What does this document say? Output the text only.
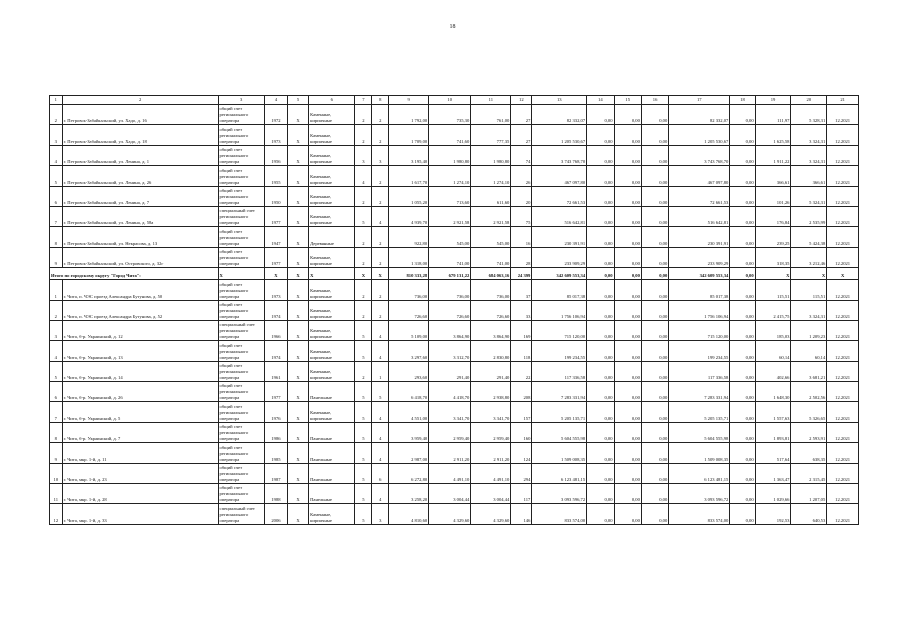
18
1	2	3	4	5	6	7	8	9	10	11	12	13	14	15	16	17	18	19	20	21
2	г. Петровск-Забайкальский, ул. Хадо, д. 16	общий счет регионального оператора	1972	Х	Каменные, кирпичные	2	2	1 792,00	735,30	761,00	27	82 332,07	0,00	0,00	0,00	82 332,07	0,00	111,97	5 328,31	12.2021
3	г. Петровск-Забайкальский, ул. Хадо, д. 18	общий счет регионального оператора	1973	Х	Каменные, кирпичные	2	2	1 709,00	741,60	777,35	27	1 205 530,67	0,00	0,00	0,00	1 205 530,67	0,00	1 625,58	3 324,31	12.2021
4	г. Петровск-Забайкальский, ул. Ленина, д. 1	общий счет регионального оператора	1956	Х	Каменные, кирпичные	3	3	3 195,40	1 980,80	1 980,80	74	3 743 768,70	0,00	0,00	0,00	3 743 768,70	0,00	1 911,22	3 324,31	12.2021
5	г. Петровск-Забайкальский, ул. Ленина, д. 26	общий счет регионального оператора	1955	Х	Каменные, кирпичные	4	2	1 617,70	1 274,10	1 274,10	26	467 097,80	0,00	0,00	0,00	467 097,80	0,00	366,61	366,61	12.2021
6	г. Петровск-Забайкальский, ул. Ленина, д. 7	общий счет регионального оператора	1950	Х	Каменные, кирпичные	2	2	1 055,20	713,60	611,60	20	72 661,53	0,00	0,00	0,00	72 661,53	0,00	101,26	5 324,31	12.2021
7	г. Петровск-Забайкальский, ул. Ленина, д. 58а	специальный счет регионального оператора	1977	Х	Каменные, кирпичные	5	4	4 939,70	2 921,58	2 921,58	75	516 642,81	0,00	0,00	0,00	516 642,81	0,00	176,84	2 535,99	12.2021
8	г. Петровск-Забайкальский, ул. Некрасова, д. 13	общий счет регионального оператора	1947	Х	Деревянные	2	2	922,80	545,00	545,00	16	230 391,91	0,00	0,00	0,00	230 391,91	0,00	239,25	5 424,38	12.2021
9	г. Петровск-Забайкальский, ул. Островского, д. 32г	общий счет регионального оператора	1977	Х	Каменные, кирпичные	2	2	1 318,00	741,00	741,00	28	233 909,29	0,00	0,00	0,00	233 909,29	0,00	318,35	3 212,46	12.2021
Итого по городскому округу "Город Чита":		Х	Х	Х	Х	Х	Х	810 333,28	679 131,22	684 063,16	24 399	342 609 553,34	0,00	0,00	0,00	342 609 553,34	0,00	Х	Х	Х
1	г. Чита, п. ЧЭС проезд Александра Бутунова, д. 50	общий счет регионального оператора	1973	Х	Каменные, кирпичные	2	2	736,00	736,00	736,00	37	85 017,38	0,00	0,00	0,00	85 017,38	0,00	115,51	115,51	12.2021
2	г. Чита, п. ЧЭС проезд Александра Бутунова, д. 52	общий счет регионального оператора	1974	Х	Каменные, кирпичные	2	2	726,60	726,60	726,60	33	1 756 106,94	0,00	0,00	0,00	1 756 106,94	0,00	2 415,75	3 324,31	12.2021
3	г. Чита, б-р. Украинский, д. 12	специальный счет регионального оператора	1966	Х	Каменные, кирпичные	5	4	5 109,00	3 864,90	3 864,90	169	715 120,00	0,00	0,00	0,00	715 120,00	0,00	185,03	1 209,23	12.2021
4	г. Чита, б-р. Украинский, д. 13	общий счет регионального оператора	1974	Х	Каменные, кирпичные	5	4	3 297,60	3 312,70	2 830,80	118	199 234,55	0,00	0,00	0,00	199 234,55	0,00	60,14	60,14	12.2021
5	г. Чита, б-р. Украинский, д. 14	общий счет регионального оператора	1961	Х	Каменные, кирпичные	2	1	293,60	291,40	291,40	22	117 336,58	0,00	0,00	0,00	117 336,58	0,00	402,66	3 681,21	12.2021
6	г. Чита, б-р. Украинский, д. 26	общий счет регионального оператора	1977	Х	Панельные	5	5	6 418,70	4 418,70	2 938,80	208	7 283 331,94	0,00	0,00	0,00	7 283 331,94	0,00	1 648,30	2 502,56	12.2021
7	г. Чита, б-р. Украинский, д. 5	общий счет регионального оператора	1976	Х	Каменные, кирпичные	5	4	4 551,00	3 341,70	3 341,70	157	5 205 135,71	0,00	0,00	0,00	5 205 135,71	0,00	1 557,63	5 326,65	12.2021
8	г. Чита, б-р. Украинский, д. 7	общий счет регионального оператора	1986	Х	Панельные	5	4	3 959,40	2 959,40	2 959,40	160	5 604 555,98	0,00	0,00	0,00	5 604 555,98	0,00	1 893,81	2 593,91	12.2021
9	г. Чита, мкр. 1-й, д. 11	общий счет регионального оператора	1985	Х	Панельные	5	4	2 987,00	2 911,20	2 911,20	124	1 509 008,35	0,00	0,00	0,00	1 509 008,35	0,00	517,64	638,35	12.2021
10	г. Чита, мкр. 1-й, д. 23	общий счет регионального оператора	1987	Х	Панельные	5	6	6 272,80	4 491,10	4 491,10	294	6 123 481,15	0,00	0,00	0,00	6 123 481,15	0,00	1 363,47	2 315,45	12.2021
11	г. Чита, мкр. 1-й, д. 28	общий счет регионального оператора	1988	Х	Панельные	5	4	3 258,20	3 004,44	3 004,44	117	3 093 596,72	0,00	0,00	0,00	3 093 596,72	0,00	1 029,66	1 207,05	12.2021
12	г. Чита, мкр. 1-й, д. 33	специальный счет регионального оператора	2006	Х	Каменные, кирпичные	5	3	4 810,60	4 329,60	4 329,60	146	833 574,00	0,00	0,00	0,00	833 574,00	0,00	192,53	640,53	12.2021
